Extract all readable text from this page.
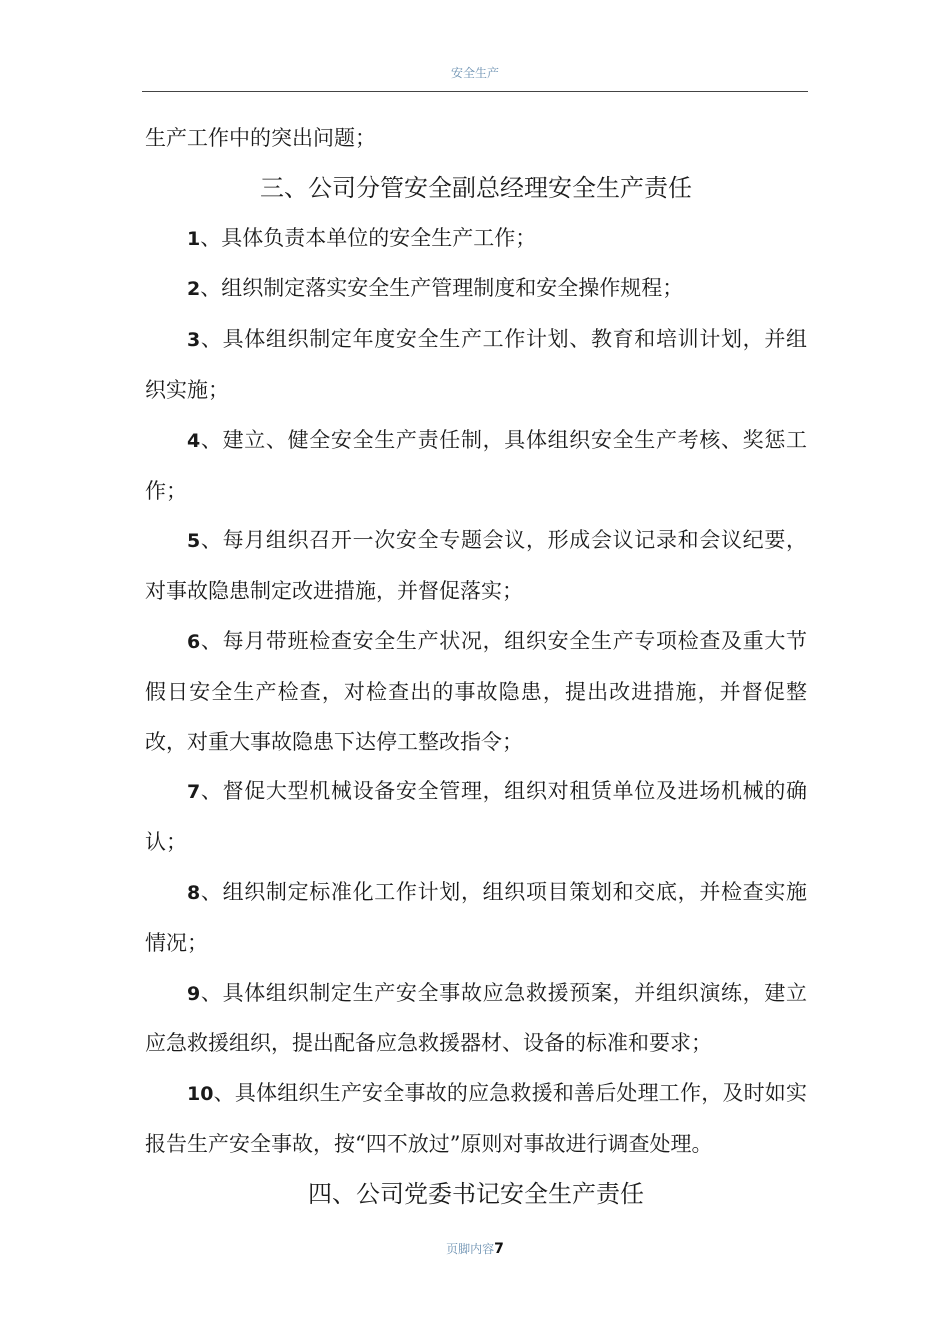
安全生产

生产工作中的突出问题；

三、公司分管安全副总经理安全生产责任

1、具体负责本单位的安全生产工作；

2、组织制定落实安全生产管理制度和安全操作规程；

3、具体组织制定年度安全生产工作计划、教育和培训计划，并组织实施；

4、建立、健全安全生产责任制，具体组织安全生产考核、奖惩工作；

5、每月组织召开一次安全专题会议，形成会议记录和会议纪要，对事故隐患制定改进措施，并督促落实；

6、每月带班检查安全生产状况，组织安全生产专项检查及重大节假日安全生产检查，对检查出的事故隐患，提出改进措施，并督促整改，对重大事故隐患下达停工整改指令；

7、督促大型机械设备安全管理，组织对租赁单位及进场机械的确认；

8、组织制定标准化工作计划，组织项目策划和交底，并检查实施情况；

9、具体组织制定生产安全事故应急救援预案，并组织演练，建立应急救援组织，提出配备应急救援器材、设备的标准和要求；

10、具体组织生产安全事故的应急救援和善后处理工作，及时如实报告生产安全事故，按“四不放过”原则对事故进行调查处理。

四、公司党委书记安全生产责任
页脚内容7
